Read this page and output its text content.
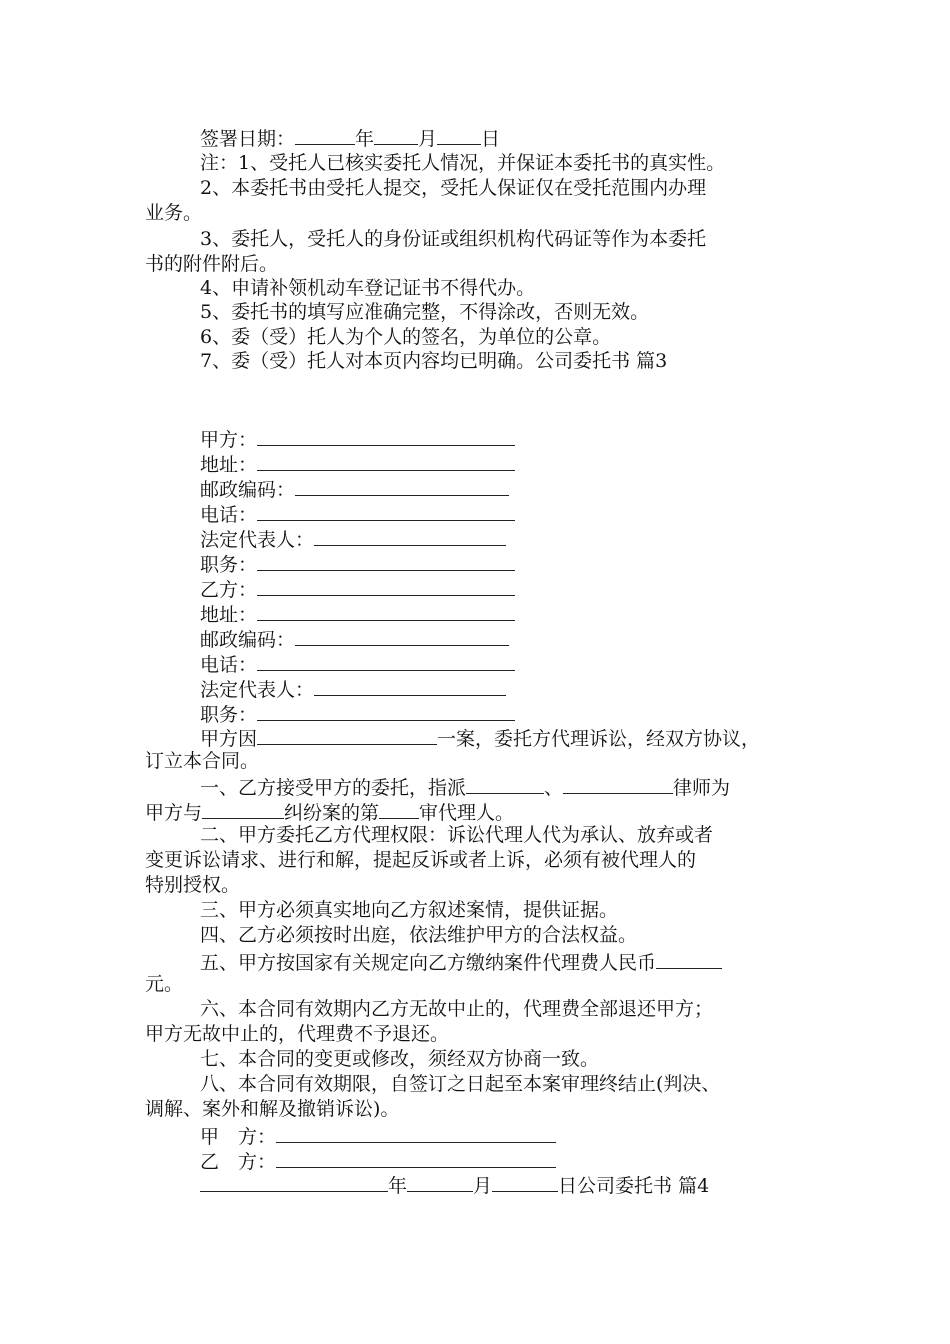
签署日期：	年 月 日
注：1、受托人已核实委托人情况，并保证本委托书的真实性。
2、本委托书由受托人提交，受托人保证仅在受托范围内办理
业务。
3、委托人，受托人的身份证或组织机构代码证等作为本委托
书的附件附后。
4、申请补领机动车登记证书不得代办。
5、委托书的填写应准确完整，不得涂改，否则无效。
6、委（受）托人为个人的签名，为单位的公章。
7、委（受）托人对本页内容均已明确。公司委托书 篇3
甲方：
地址：
邮政编码：
电话：
法定代表人：
职务：
乙方：
地址：
邮政编码：
电话：
法定代表人：
职务：
甲方因	一案，委托方代理诉讼，经双方协议，
订立本合同。
一、乙方接受甲方的委托，指派	、	律师为
甲方与	纠纷案的第 审代理人。
二、甲方委托乙方代理权限：诉讼代理人代为承认、放弃或者
变更诉讼请求、进行和解，提起反诉或者上诉，必须有被代理人的
特别授权。
三、甲方必须真实地向乙方叙述案情，提供证据。
四、乙方必须按时出庭，依法维护甲方的合法权益。
五、甲方按国家有关规定向乙方缴纳案件代理费人民币
元。
六、本合同有效期内乙方无故中止的，代理费全部退还甲方；
甲方无故中止的，代理费不予退还。
七、本合同的变更或修改，须经双方协商一致。
八、本合同有效期限，自签订之日起至本案审理终结止(判决、
调解、案外和解及撤销诉讼)。
甲　方：
乙　方：
年	月	日公司委托书 篇4
